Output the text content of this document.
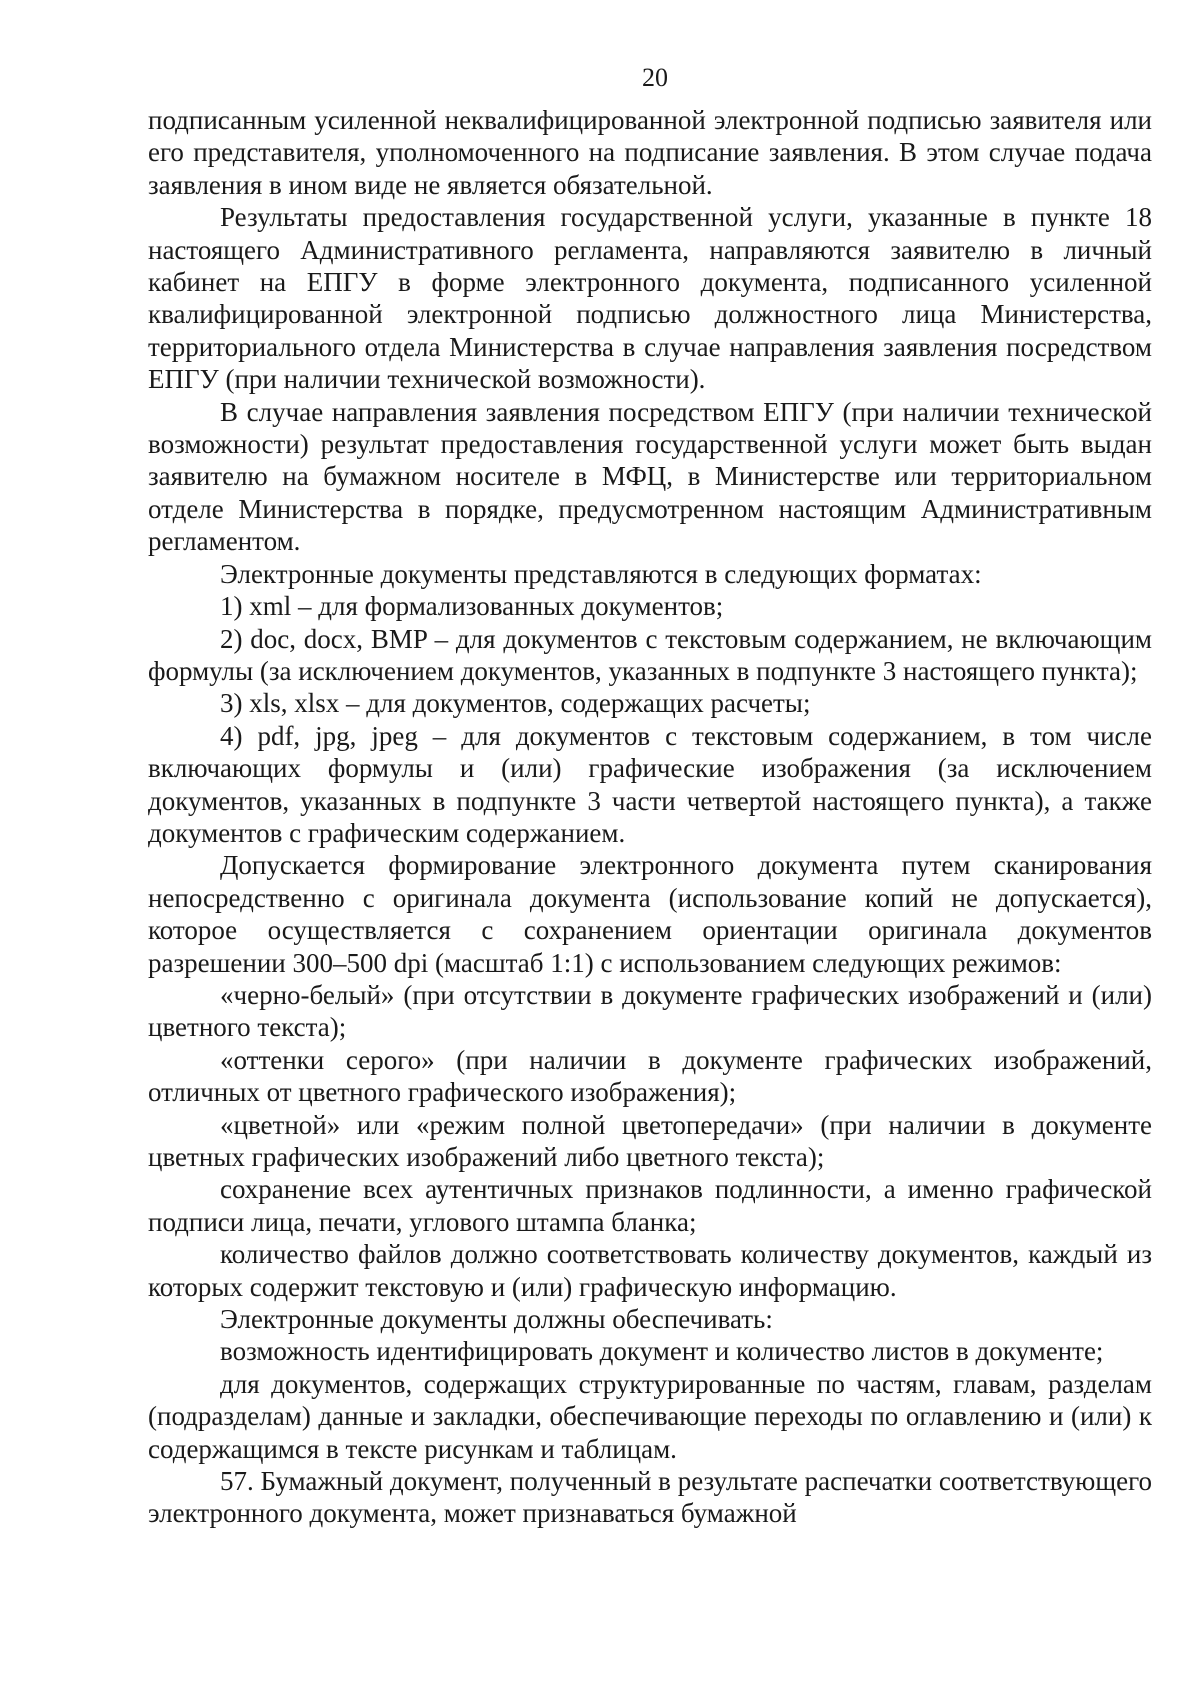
20

подписанным усиленной неквалифицированной электронной подписью заявителя или его представителя, уполномоченного на подписание заявления. В этом случае подача заявления в ином виде не является обязательной.

Результаты предоставления государственной услуги, указанные в пункте 18 настоящего Административного регламента, направляются заявителю в личный кабинет на ЕПГУ в форме электронного документа, подписанного усиленной квалифицированной электронной подписью должностного лица Министерства, территориального отдела Министерства в случае направления заявления посредством ЕПГУ (при наличии технической возможности).

В случае направления заявления посредством ЕПГУ (при наличии технической возможности) результат предоставления государственной услуги может быть выдан заявителю на бумажном носителе в МФЦ, в Министерстве или территориальном отделе Министерства в порядке, предусмотренном настоящим Административным регламентом.

Электронные документы представляются в следующих форматах:

1) xml – для формализованных документов;

2) doc, docx, BMP – для документов с текстовым содержанием, не включающим формулы (за исключением документов, указанных в подпункте 3 настоящего пункта);

3) xls, xlsx – для документов, содержащих расчеты;

4) pdf, jpg, jpeg – для документов с текстовым содержанием, в том числе включающих формулы и (или) графические изображения (за исключением документов, указанных в подпункте 3 части четвертой настоящего пункта), а также документов с графическим содержанием.

Допускается формирование электронного документа путем сканирования непосредственно с оригинала документа (использование копий не допускается), которое осуществляется с сохранением ориентации оригинала документов разрешении 300–500 dpi (масштаб 1:1) с использованием следующих режимов:

«черно-белый» (при отсутствии в документе графических изображений и (или) цветного текста);

«оттенки серого» (при наличии в документе графических изображений, отличных от цветного графического изображения);

«цветной» или «режим полной цветопередачи» (при наличии в документе цветных графических изображений либо цветного текста);

сохранение всех аутентичных признаков подлинности, а именно графической подписи лица, печати, углового штампа бланка;

количество файлов должно соответствовать количеству документов, каждый из которых содержит текстовую и (или) графическую информацию.

Электронные документы должны обеспечивать:

возможность идентифицировать документ и количество листов в документе;

для документов, содержащих структурированные по частям, главам, разделам (подразделам) данные и закладки, обеспечивающие переходы по оглавлению и (или) к содержащимся в тексте рисункам и таблицам.

57. Бумажный документ, полученный в результате распечатки соответствующего электронного документа, может признаваться бумажной
